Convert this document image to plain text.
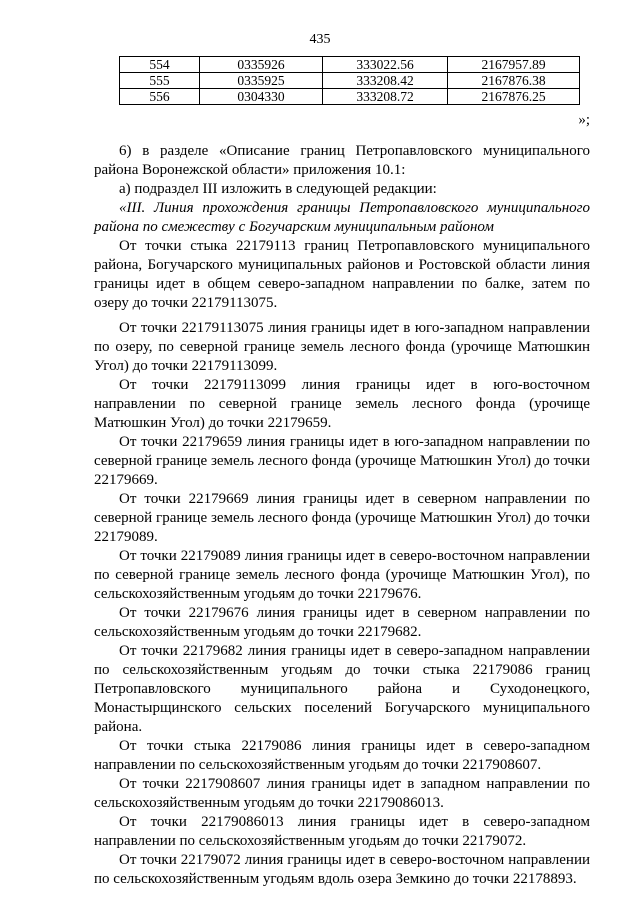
435
554	0335926	333022.56	2167957.89
555	0335925	333208.42	2167876.38
556	0304330	333208.72	2167876.25
»;

6) в разделе «Описание границ Петропавловского муниципального района Воронежской области» приложения 10.1:

а) подраздел III изложить в следующей редакции:

«III. Линия прохождения границы Петропавловского муниципального района по смежеству с Богучарским муниципальным районом

От точки стыка 22179113 границ Петропавловского муниципального района, Богучарского муниципальных районов и Ростовской области линия границы идет в общем северо-западном направлении по балке, затем по озеру до точки 22179113075.

От точки 22179113075 линия границы идет в юго-западном направлении по озеру, по северной границе земель лесного фонда (урочище Матюшкин Угол) до точки 22179113099.

От точки 22179113099 линия границы идет в юго-восточном направлении по северной границе земель лесного фонда (урочище Матюшкин Угол) до точки 22179659.

От точки 22179659 линия границы идет в юго-западном направлении по северной границе земель лесного фонда (урочище Матюшкин Угол) до точки 22179669.

От точки 22179669 линия границы идет в северном направлении по северной границе земель лесного фонда (урочище Матюшкин Угол) до точки 22179089.

От точки 22179089 линия границы идет в северо-восточном направлении по северной границе земель лесного фонда (урочище Матюшкин Угол), по сельскохозяйственным угодьям до точки 22179676.

От точки 22179676 линия границы идет в северном направлении по сельскохозяйственным угодьям до точки 22179682.

От точки 22179682 линия границы идет в северо-западном направлении по сельскохозяйственным угодьям до точки стыка 22179086 границ Петропавловского муниципального района и Суходонецкого, Монастырщинского сельских поселений Богучарского муниципального района.

От точки стыка 22179086 линия границы идет в северо-западном направлении по сельскохозяйственным угодьям до точки 2217908607.

От точки 2217908607 линия границы идет в западном направлении по сельскохозяйственным угодьям до точки 22179086013.

От точки 22179086013 линия границы идет в северо-западном направлении по сельскохозяйственным угодьям до точки 22179072.

От точки 22179072 линия границы идет в северо-восточном направлении по сельскохозяйственным угодьям вдоль озера Земкино до точки 22178893.
